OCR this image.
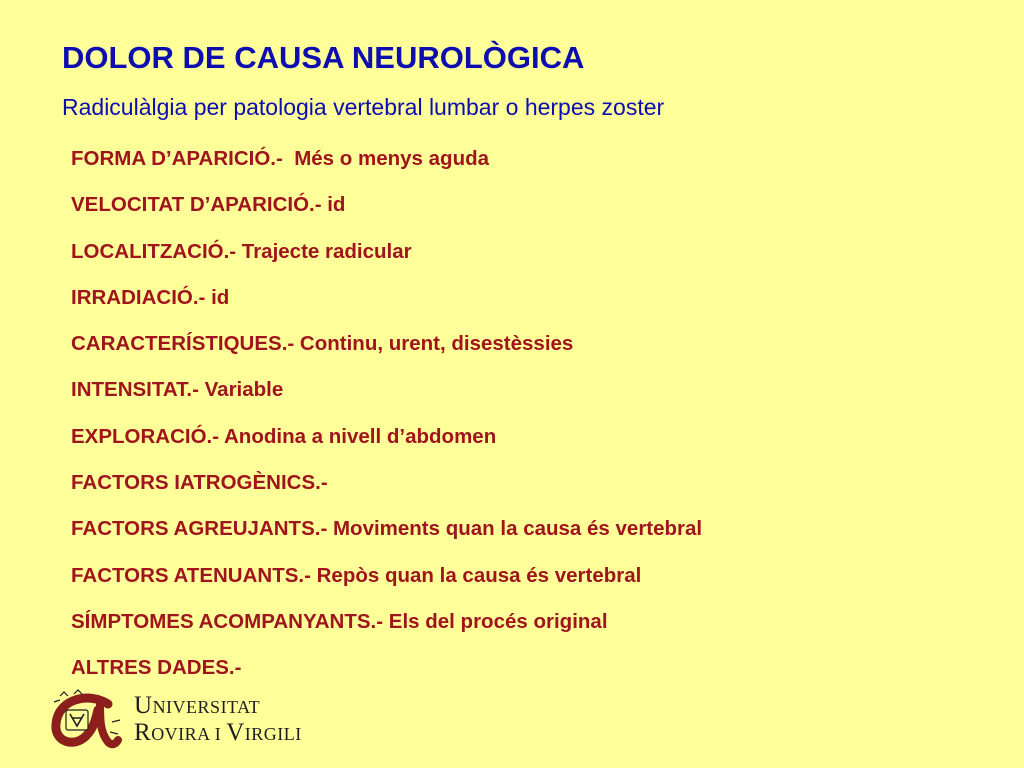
DOLOR DE CAUSA NEUROLÒGICA
Radiculàlgia per patologia vertebral lumbar o herpes zoster
FORMA D’APARICIÓ.-  Més o menys aguda
VELOCITAT D’APARICIÓ.- id
LOCALITZACIÓ.- Trajecte radicular
IRRADIACIÓ.- id
CARACTERÍSTIQUES.- Continu, urent, disestèssies
INTENSITAT.- Variable
EXPLORACIÓ.- Anodina a nivell d’abdomen
FACTORS IATROGÈNICS.-
FACTORS AGREUJANTS.- Moviments quan la causa és vertebral
FACTORS ATENUANTS.- Repòs quan la causa és vertebral
SÍMPTOMES ACOMPANYANTS.- Els del procés original
ALTRES DADES.-
UNIVERSITAT
ROVIRA I VIRGILI
